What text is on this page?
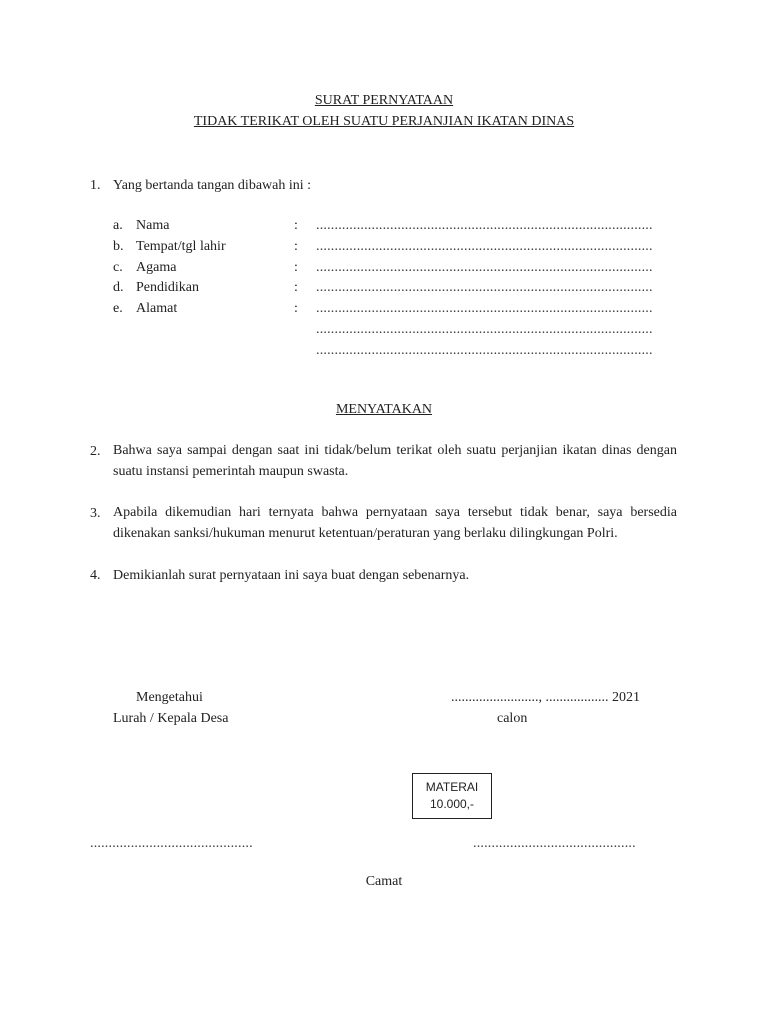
SURAT PERNYATAAN
TIDAK TERIKAT OLEH SUATU PERJANJIAN IKATAN DINAS
1. Yang bertanda tangan dibawah ini :
a. Nama	: ...........................................................................................
b. Tempat/tgl lahir	: ...........................................................................................
c. Agama	: ...........................................................................................
d. Pendidikan	: ...........................................................................................
e. Alamat	: ...........................................................................................
...........................................................................................
...........................................................................................
MENYATAKAN
2. Bahwa saya sampai dengan saat ini tidak/belum terikat oleh suatu perjanjian ikatan dinas dengan suatu instansi pemerintah maupun swasta.
3. Apabila dikemudian hari ternyata bahwa pernyataan saya tersebut tidak benar, saya bersedia dikenakan sanksi/hukuman menurut ketentuan/peraturan yang berlaku dilingkungan Polri.
4. Demikianlah surat pernyataan ini saya buat dengan sebenarnya.
Mengetahui
Lurah / Kepala Desa
........................., .................. 2021
calon
MATERAI
10.000,-
............................................	............................................
Camat
